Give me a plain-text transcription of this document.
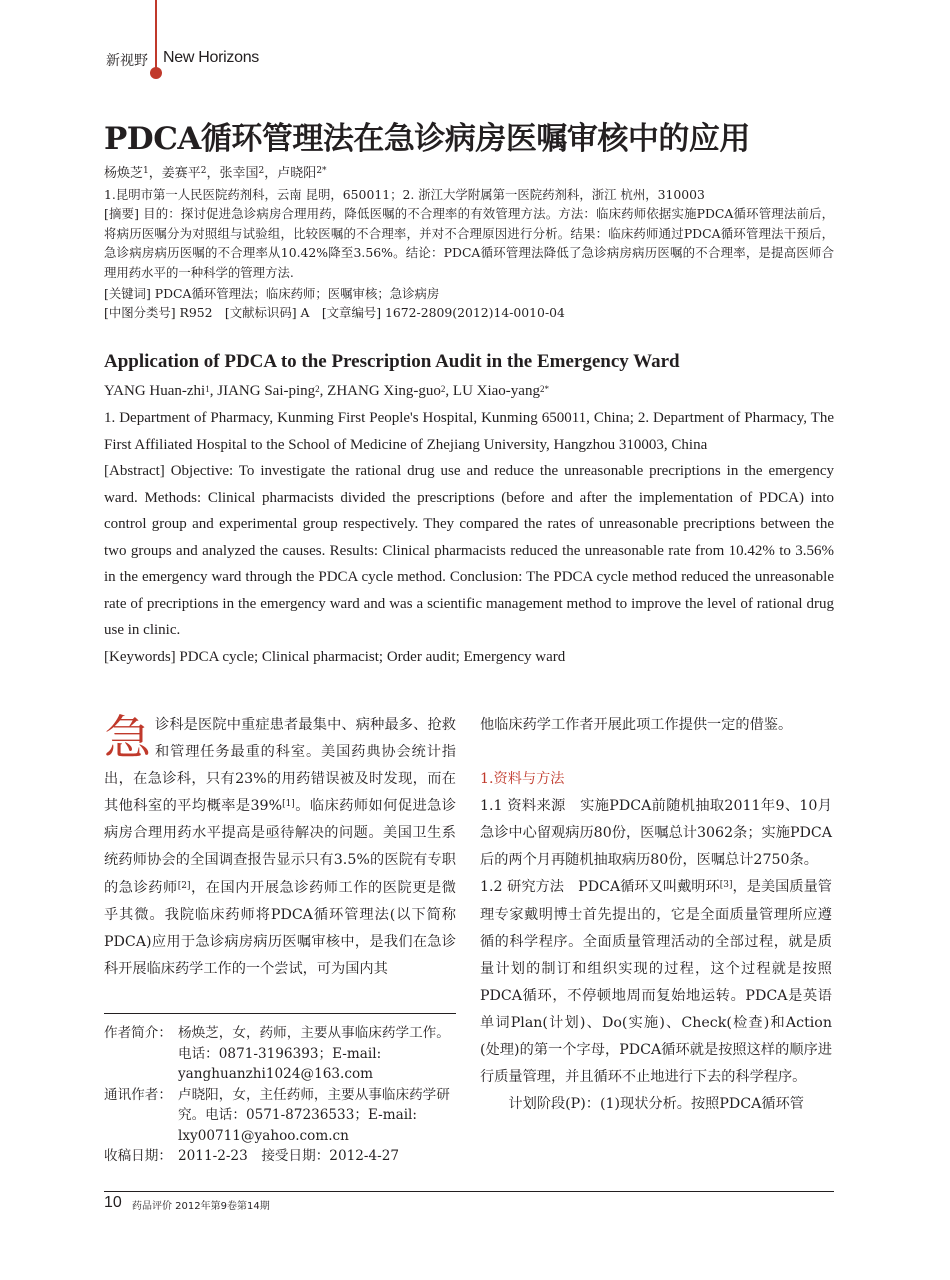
新视野 New Horizons
PDCA循环管理法在急诊病房医嘱审核中的应用
杨焕芝$^1$，姜赛平$^2$，张幸国$^2$，卢晓阳$^{2*}$
1.昆明市第一人民医院药剂科，云南 昆明，650011；2. 浙江大学附属第一医院药剂科，浙江 杭州，310003
[摘要] 目的：探讨促进急诊病房合理用药，降低医嘱的不合理率的有效管理方法。方法：临床药师依据实施PDCA循环管理法前后，将病历医嘱分为对照组与试验组，比较医嘱的不合理率，并对不合理原因进行分析。结果：临床药师通过PDCA循环管理法干预后，急诊病房病历医嘱的不合理率从10.42%降至3.56%。结论：PDCA循环管理法降低了急诊病房病历医嘱的不合理率，是提高医师合理用药水平的一种科学的管理方法.
[关键词] PDCA循环管理法；临床药师；医嘱审核；急诊病房
[中图分类号] R952　[文献标识码] A　[文章编号] 1672-2809(2012)14-0010-04
Application of PDCA to the Prescription Audit in the Emergency Ward
YANG Huan-zhi$^1$, JIANG Sai-ping$^2$, ZHANG Xing-guo$^2$, LU Xiao-yang$^{2*}$
1. Department of Pharmacy, Kunming First People's Hospital, Kunming 650011, China; 2. Department of Pharmacy, The First Affiliated Hospital to the School of Medicine of Zhejiang University, Hangzhou 310003, China
[Abstract] Objective: To investigate the rational drug use and reduce the unreasonable precriptions in the emergency ward. Methods: Clinical pharmacists divided the prescriptions (before and after the implementation of PDCA) into control group and experimental group respectively. They compared the rates of unreasonable precriptions between the two groups and analyzed the causes. Results: Clinical pharmacists reduced the unreasonable rate from 10.42% to 3.56% in the emergency ward through the PDCA cycle method. Conclusion: The PDCA cycle method reduced the unreasonable rate of precriptions in the emergency ward and was a scientific management method to improve the level of rational drug use in clinic.
[Keywords] PDCA cycle; Clinical pharmacist; Order audit; Emergency ward
急诊科是医院中重症患者最集中、病种最多、抢救和管理任务最重的科室。美国药典协会统计指出，在急诊科，只有23%的用药错误被及时发现，而在其他科室的平均概率是39%[1]。临床药师如何促进急诊病房合理用药水平提高是亟待解决的问题。美国卫生系统药师协会的全国调查报告显示只有3.5%的医院有专职的急诊药师[2]，在国内开展急诊药师工作的医院更是微乎其微。我院临床药师将PDCA循环管理法(以下简称PDCA)应用于急诊病房病历医嘱审核中，是我们在急诊科开展临床药学工作的一个尝试，可为国内其
作者简介： 杨焕芝，女，药师，主要从事临床药学工作。电话：0871-3196393；E-mail: yanghuanzhi1024@163.com
通讯作者： 卢晓阳，女，主任药师，主要从事临床药学研究。电话：0571-87236533；E-mail: lxy00711@yahoo.com.cn
收稿日期： 2011-2-23　接受日期：2012-4-27

他临床药学工作者开展此项工作提供一定的借鉴。

1.资料与方法

1.1 资料来源　实施PDCA前随机抽取2011年9、10月急诊中心留观病历80份，医嘱总计3062条；实施PDCA后的两个月再随机抽取病历80份，医嘱总计2750条。

1.2 研究方法　PDCA循环又叫戴明环[3]，是美国质量管理专家戴明博士首先提出的，它是全面质量管理所应遵循的科学程序。全面质量管理活动的全部过程，就是质量计划的制订和组织实现的过程，这个过程就是按照PDCA循环，不停顿地周而复始地运转。PDCA是英语单词Plan(计划)、Do(实施)、Check(检查)和Action (处理)的第一个字母，PDCA循环就是按照这样的顺序进行质量管理，并且循环不止地进行下去的科学程序。

计划阶段(P)：(1)现状分析。按照PDCA循环管

10 药品评价 2012年第9卷第14期
